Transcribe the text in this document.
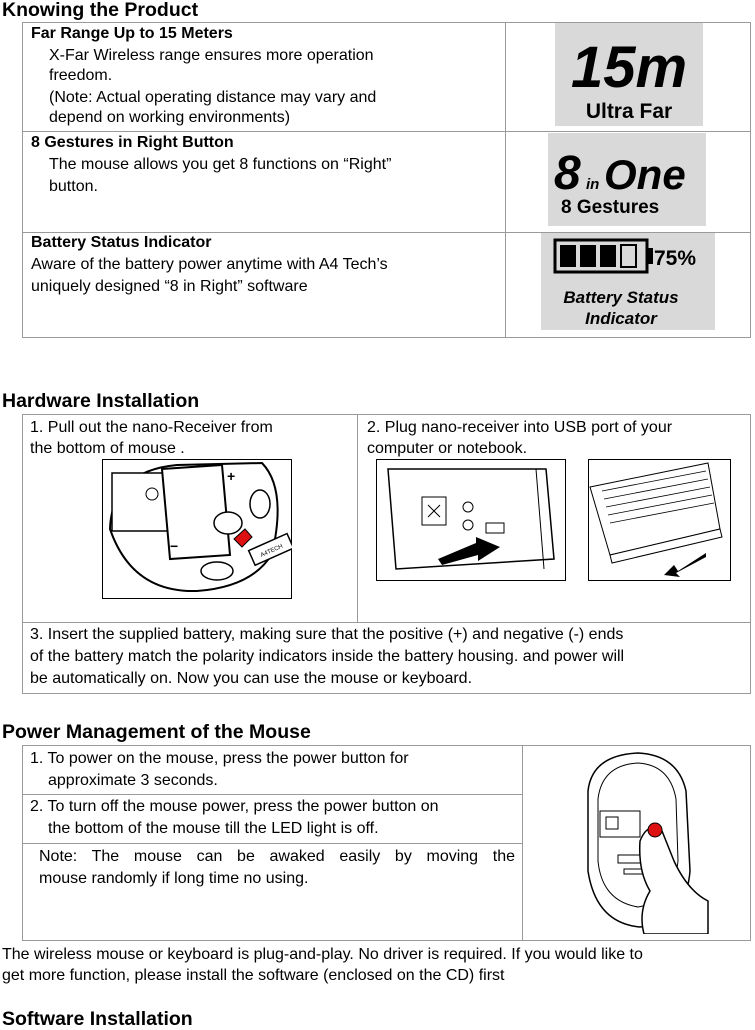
Knowing the Product
Far Range Up to 15 Meters
X-Far Wireless range ensures more operation
freedom.
(Note: Actual operating distance may vary and
depend on working environments)
15m
Ultra Far
8 Gestures in Right Button
The mouse allows you get 8 functions on “Right”
button.	8 in One
8 Gestures
Battery Status Indicator
Aware of the battery power anytime with A4 Tech’s
uniquely designed “8 in Right” software
75%
Battery Status
Indicator
Hardware Installation
1. Pull out the nano-Receiver from
the bottom of mouse .
2. Plug nano-receiver into USB port of your
computer or notebook.
+
−	A4TECH
3. Insert the supplied battery, making sure that the positive (+) and negative (-) ends
of the battery match the polarity indicators inside the battery housing. and power will
be automatically on. Now you can use the mouse or keyboard.
Power Management of the Mouse
1. To power on the mouse, press the power button for
approximate 3 seconds.
2. To turn off the mouse power, press the power button on
the bottom of the mouse till the LED light is off.
Note: The mouse can be awaked easily by moving the
mouse randomly if long time no using.
The wireless mouse or keyboard is plug-and-play. No driver is required. If you would like to
get more function, please install the software (enclosed on the CD) first
Software Installation
